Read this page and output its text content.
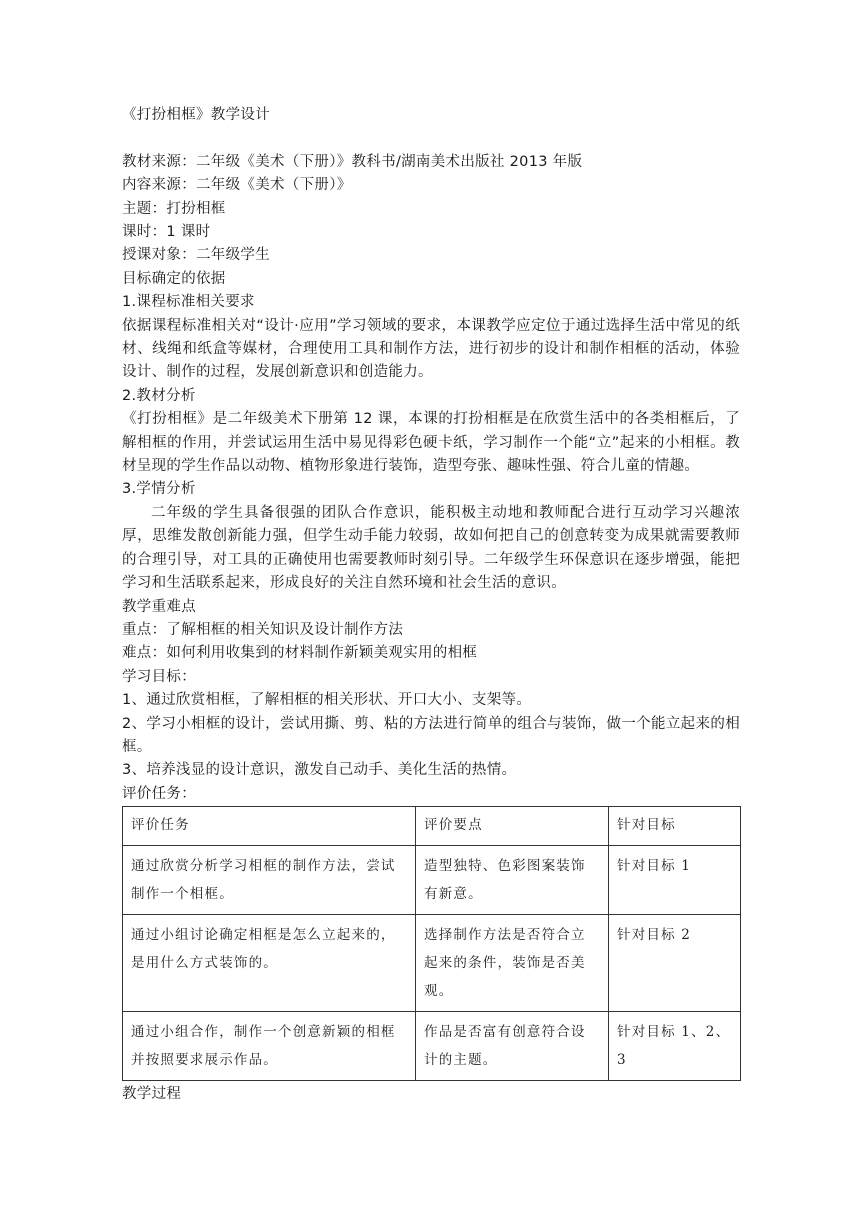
《打扮相框》教学设计
教材来源：二年级《美术（下册）》教科书/湖南美术出版社 2013 年版
内容来源：二年级《美术（下册）》
主题：打扮相框
课时：1 课时
授课对象：二年级学生
目标确定的依据
1.课程标准相关要求
依据课程标准相关对“设计·应用”学习领域的要求，本课教学应定位于通过选择生活中常见的纸材、线绳和纸盒等媒材，合理使用工具和制作方法，进行初步的设计和制作相框的活动，体验设计、制作的过程，发展创新意识和创造能力。
2.教材分析
《打扮相框》是二年级美术下册第 12 课，本课的打扮相框是在欣赏生活中的各类相框后，了解相框的作用，并尝试运用生活中易见得彩色硬卡纸，学习制作一个能“立”起来的小相框。教材呈现的学生作品以动物、植物形象进行装饰，造型夸张、趣味性强、符合儿童的情趣。
3.学情分析
二年级的学生具备很强的团队合作意识，能积极主动地和教师配合进行互动学习兴趣浓厚，思维发散创新能力强，但学生动手能力较弱，故如何把自己的创意转变为成果就需要教师的合理引导，对工具的正确使用也需要教师时刻引导。二年级学生环保意识在逐步增强，能把学习和生活联系起来，形成良好的关注自然环境和社会生活的意识。
教学重难点
重点：了解相框的相关知识及设计制作方法
难点：如何利用收集到的材料制作新颖美观实用的相框
学习目标：
1、通过欣赏相框，了解相框的相关形状、开口大小、支架等。
2、学习小相框的设计，尝试用撕、剪、粘的方法进行简单的组合与装饰，做一个能立起来的相框。
3、培养浅显的设计意识，激发自己动手、美化生活的热情。
评价任务：
评价任务	评价要点	针对目标
通过欣赏分析学习相框的制作方法，尝试制作一个相框。	造型独特、色彩图案装饰有新意。	针对目标 1
通过小组讨论确定相框是怎么立起来的，是用什么方式装饰的。	选择制作方法是否符合立起来的条件，装饰是否美观。	针对目标 2
通过小组合作，制作一个创意新颖的相框并按照要求展示作品。	作品是否富有创意符合设计的主题。	针对目标 1、2、3
教学过程
